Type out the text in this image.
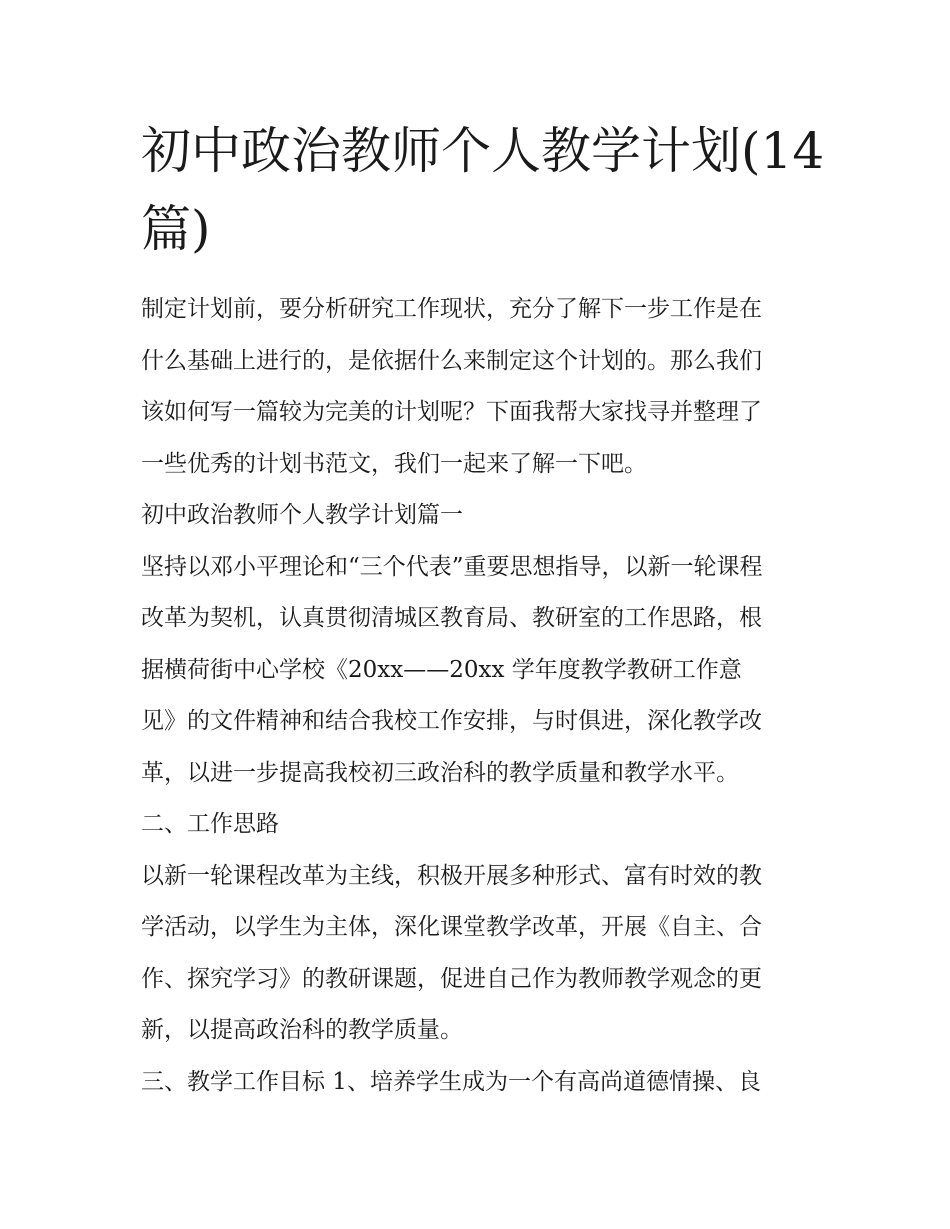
初中政治教师个人教学计划(14
篇)

制定计划前，要分析研究工作现状，充分了解下一步工作是在
什么基础上进行的，是依据什么来制定这个计划的。那么我们
该如何写一篇较为完美的计划呢？下面我帮大家找寻并整理了
一些优秀的计划书范文，我们一起来了解一下吧。

初中政治教师个人教学计划篇一

坚持以邓小平理论和“三个代表”重要思想指导，以新一轮课程
改革为契机，认真贯彻清城区教育局、教研室的工作思路，根
据横荷街中心学校《20xx——20xx 学年度教学教研工作意
见》的文件精神和结合我校工作安排，与时俱进，深化教学改
革，以进一步提高我校初三政治科的教学质量和教学水平。

二、工作思路

以新一轮课程改革为主线，积极开展多种形式、富有时效的教
学活动，以学生为主体，深化课堂教学改革，开展《自主、合
作、探究学习》的教研课题，促进自己作为教师教学观念的更
新，以提高政治科的教学质量。

三、教学工作目标 1、培养学生成为一个有高尚道德情操、良
